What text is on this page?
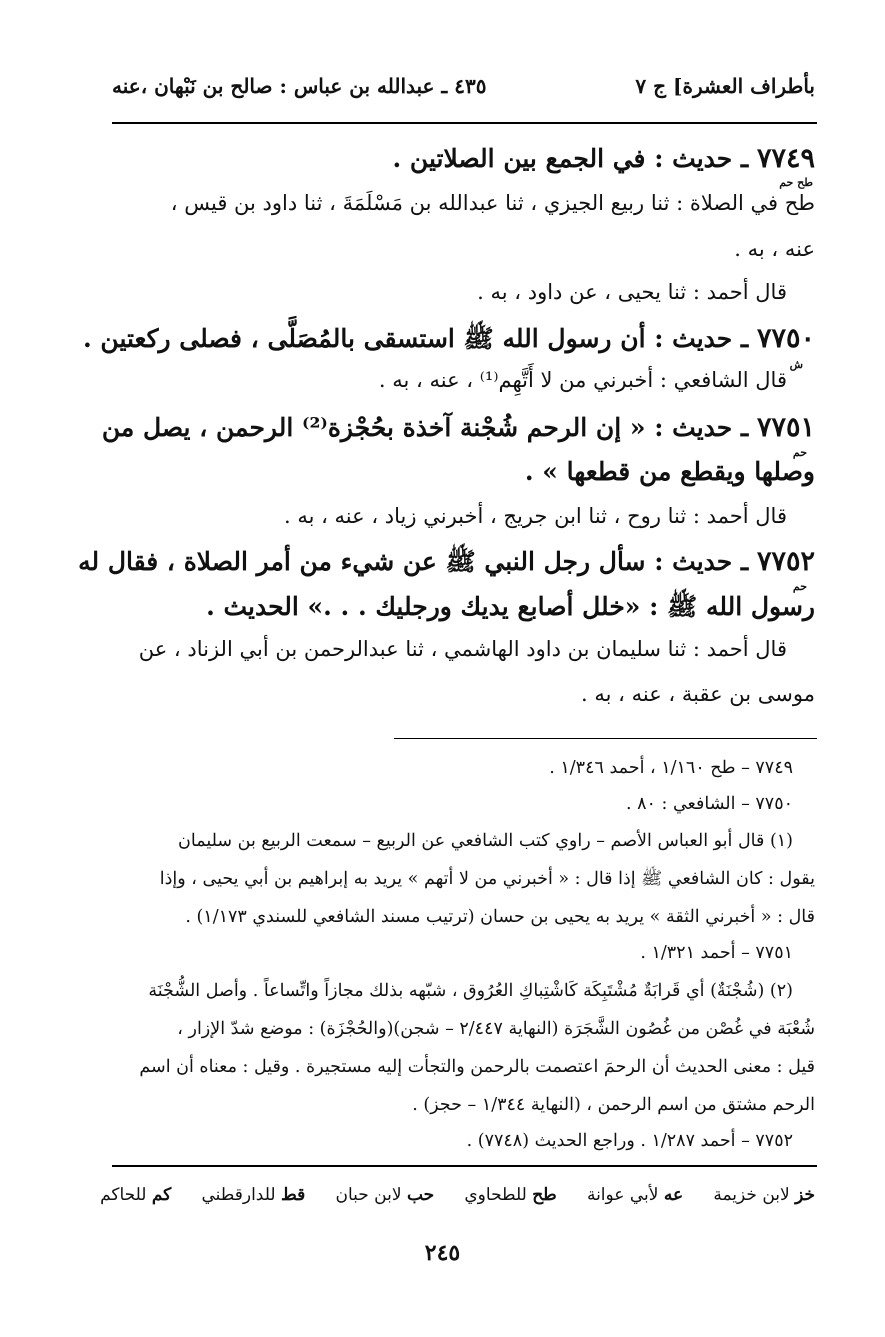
بأطراف العشرة] ج ٧
٤٣٥ ـ عبدالله بن عباس : صالح بن نَبْهان ،عنه
٧٧٤٩ ـ حديث : في الجمع بين الصلاتين .
طح حم
طح في الصلاة : ثنا ربيع الجيزي ، ثنا عبدالله بن مَسْلَمَةَ ، ثنا داود بن قيس ،
عنه ، به .
قال أحمد : ثنا يحيى ، عن داود ، به .
٧٧٥٠ ـ حديث : أن رسول الله ﷺ استسقى بالمُصَلَّى ، فصلى ركعتين .
ش
قال الشافعي : أخبرني من لا أَتَّهِم⁽¹⁾ ، عنه ، به .
٧٧٥١ ـ حديث : « إن الرحم شُجْنة آخذة بحُجْزة⁽²⁾ الرحمن ، يصل من
حم
وصلها ويقطع من قطعها » .
قال أحمد : ثنا روح ، ثنا ابن جريج ، أخبرني زياد ، عنه ، به .
٧٧٥٢ ـ حديث : سأل رجل النبي ﷺ عن شيء من أمر الصلاة ، فقال له
حم
رسول الله ﷺ : «خلل أصابع يديك ورجليك . . .» الحديث .
قال أحمد : ثنا سليمان بن داود الهاشمي ، ثنا عبدالرحمن بن أبي الزناد ، عن
موسى بن عقبة ، عنه ، به .
٧٧٤٩ – طح ١/١٦٠ ، أحمد ١/٣٤٦ .
٧٧٥٠ – الشافعي : ٨٠ .
(١) قال أبو العباس الأصم – راوي كتب الشافعي عن الربيع – سمعت الربيع بن سليمان
يقول : كان الشافعي ﷺ إذا قال : « أخبرني من لا أتهم » يريد به إبراهيم بن أبي يحيى ، وإذا
قال : « أخبرني الثقة » يريد به يحيى بن حسان (ترتيب مسند الشافعي للسندي ١/١٧٣) .
٧٧٥١ – أحمد ١/٣٢١ .
(٢) (شُجْنَةٌ) أي قَرابَةٌ مُشْتَبِكَة كَاشْتِباكِ العُرُوق ، شبّهه بذلك مجازاً واتِّساعاً . وأصل الشُّجْنَة
شُعْبَة في غُصْن من غُصُون الشَّجَرَة (النهاية ٢/٤٤٧ – شجن)(والحُجْزَة) : موضع شدّ الإزار ،
قيل : معنى الحديث أن الرحمَ اعتصمت بالرحمن والتجأت إليه مستجيرة . وقيل : معناه أن اسم
الرحم مشتق من اسم الرحمن ، (النهاية ١/٣٤٤ – حجز) .
٧٧٥٢ – أحمد ١/٢٨٧ . وراجع الحديث (٧٧٤٨) .
خز لابن خزيمة
عه لأبي عوانة
طح للطحاوي
حب لابن حبان
قط للدارقطني
كم للحاكم
٢٤٥
